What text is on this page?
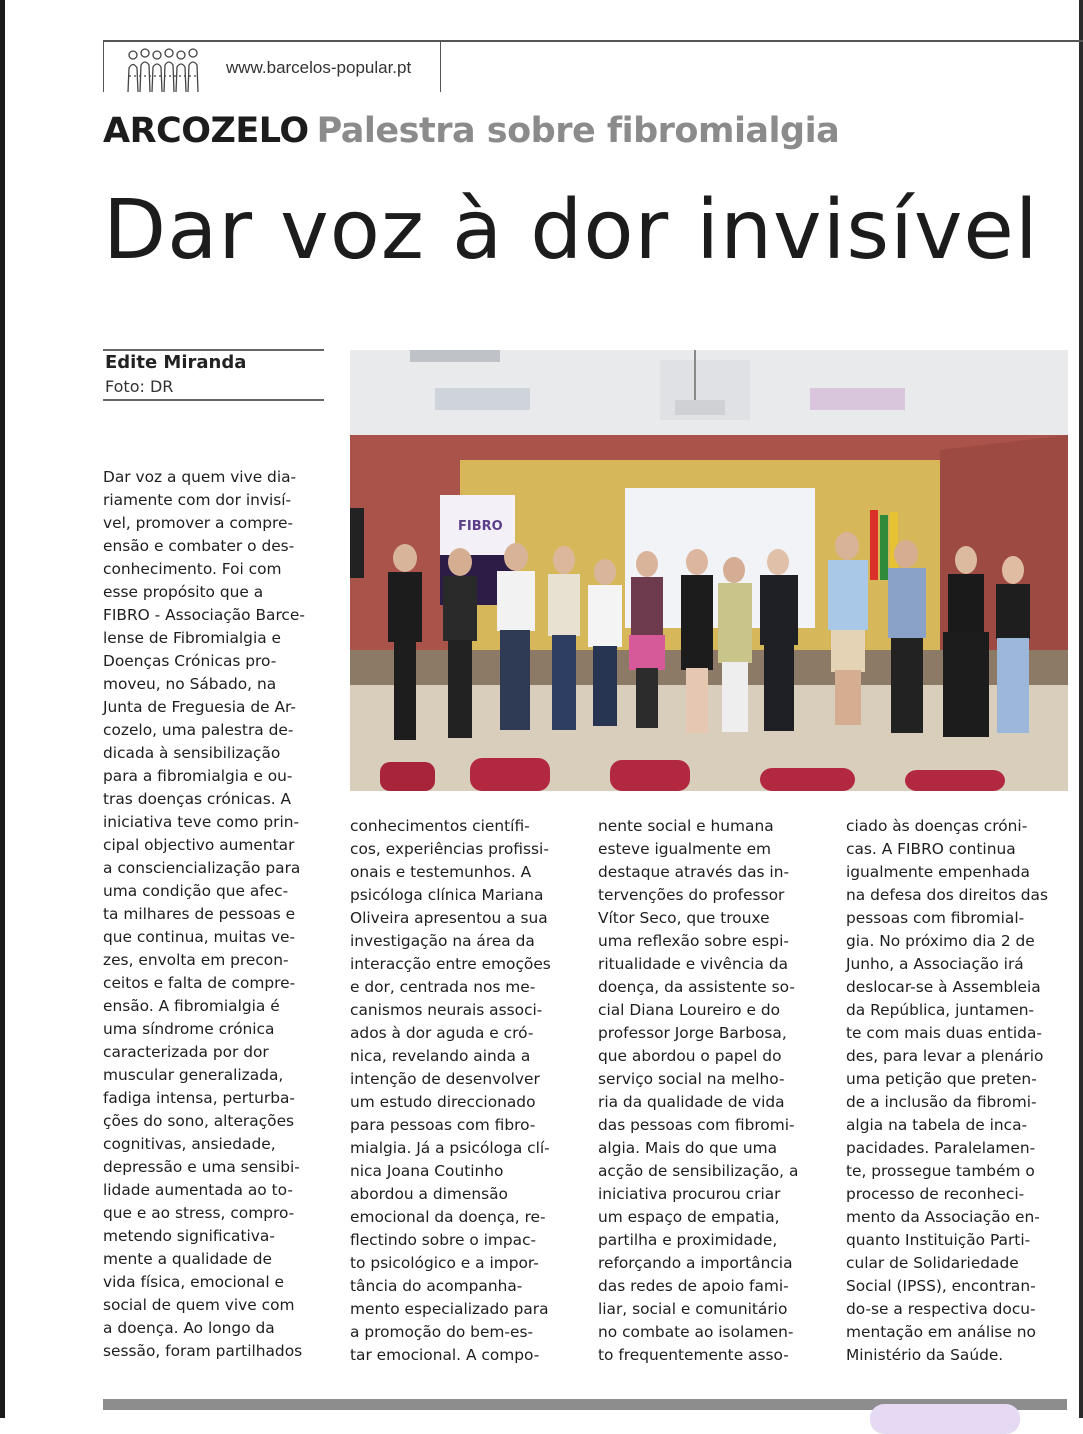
www.barcelos-popular.pt
ARCOZELO Palestra sobre fibromialgia
Dar voz à dor invisível
Edite Miranda
Foto: DR
FIBRO

Dar voz a quem vive dia-
riamente com dor invisí-
vel, promover a compre-
ensão e combater o des-
conhecimento. Foi com
esse propósito que a
FIBRO - Associação Barce-
lense de Fibromialgia e
Doenças Crónicas pro-
moveu, no Sábado, na
Junta de Freguesia de Ar-
cozelo, uma palestra de-
dicada à sensibilização
para a fibromialgia e ou-
tras doenças crónicas. A
iniciativa teve como prin-
cipal objectivo aumentar
a consciencialização para
uma condição que afec-
ta milhares de pessoas e
que continua, muitas ve-
zes, envolta em precon-
ceitos e falta de compre-
ensão. A fibromialgia é
uma síndrome crónica
caracterizada por dor
muscular generalizada,
fadiga intensa, perturba-
ções do sono, alterações
cognitivas, ansiedade,
depressão e uma sensibi-
lidade aumentada ao to-
que e ao stress, compro-
metendo significativa-
mente a qualidade de
vida física, emocional e
social de quem vive com
a doença. Ao longo da
sessão, foram partilhados

conhecimentos científi-
cos, experiências profissi-
onais e testemunhos. A
psicóloga clínica Mariana
Oliveira apresentou a sua
investigação na área da
interacção entre emoções
e dor, centrada nos me-
canismos neurais associ-
ados à dor aguda e cró-
nica, revelando ainda a
intenção de desenvolver
um estudo direccionado
para pessoas com fibro-
mialgia. Já a psicóloga clí-
nica Joana Coutinho
abordou a dimensão
emocional da doença, re-
flectindo sobre o impac-
to psicológico e a impor-
tância do acompanha-
mento especializado para
a promoção do bem-es-
tar emocional. A compo-

nente social e humana
esteve igualmente em
destaque através das in-
tervenções do professor
Vítor Seco, que trouxe
uma reflexão sobre espi-
ritualidade e vivência da
doença, da assistente so-
cial Diana Loureiro e do
professor Jorge Barbosa,
que abordou o papel do
serviço social na melho-
ria da qualidade de vida
das pessoas com fibromi-
algia. Mais do que uma
acção de sensibilização, a
iniciativa procurou criar
um espaço de empatia,
partilha e proximidade,
reforçando a importância
das redes de apoio fami-
liar, social e comunitário
no combate ao isolamen-
to frequentemente asso-

ciado às doenças cróni-
cas. A FIBRO continua
igualmente empenhada
na defesa dos direitos das
pessoas com fibromial-
gia. No próximo dia 2 de
Junho, a Associação irá
deslocar-se à Assembleia
da República, juntamen-
te com mais duas entida-
des, para levar a plenário
uma petição que preten-
de a inclusão da fibromi-
algia na tabela de inca-
pacidades. Paralelamen-
te, prossegue também o
processo de reconheci-
mento da Associação en-
quanto Instituição Parti-
cular de Solidariedade
Social (IPSS), encontran-
do-se a respectiva docu-
mentação em análise no
Ministério da Saúde.
